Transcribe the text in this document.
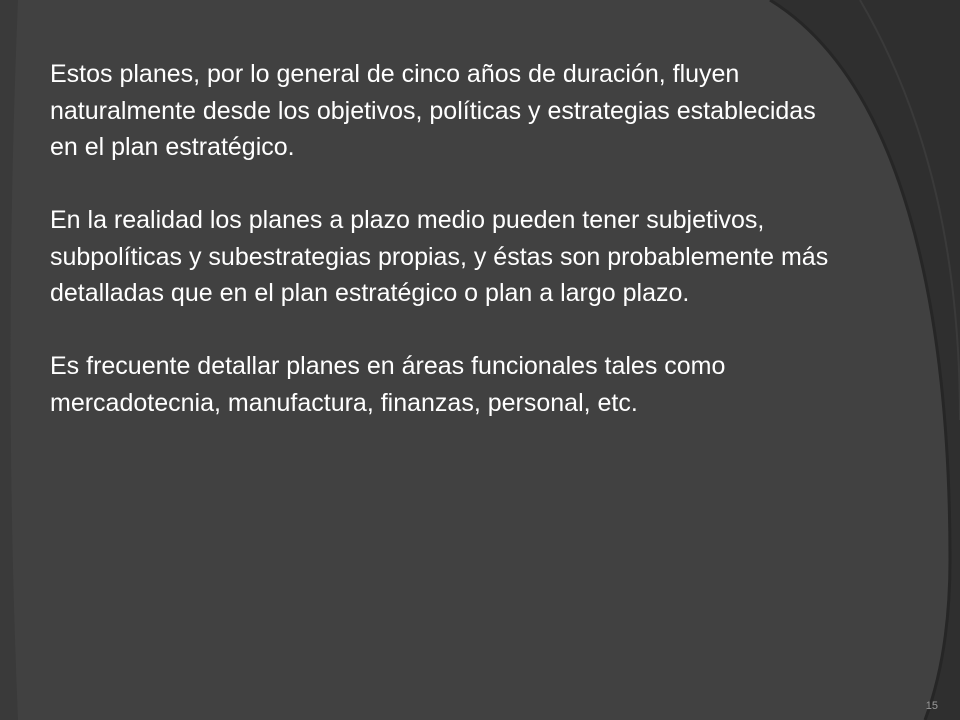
Estos planes, por lo general de cinco años de duración, fluyen naturalmente desde los objetivos, políticas y estrategias establecidas en el plan estratégico.

En la realidad los planes a plazo medio pueden tener subjetivos, subpolíticas y subestrategias propias, y éstas son probablemente más detalladas que en el plan estratégico o plan a largo plazo.

Es frecuente detallar planes en áreas funcionales tales como mercadotecnia, manufactura, finanzas, personal, etc.

15
